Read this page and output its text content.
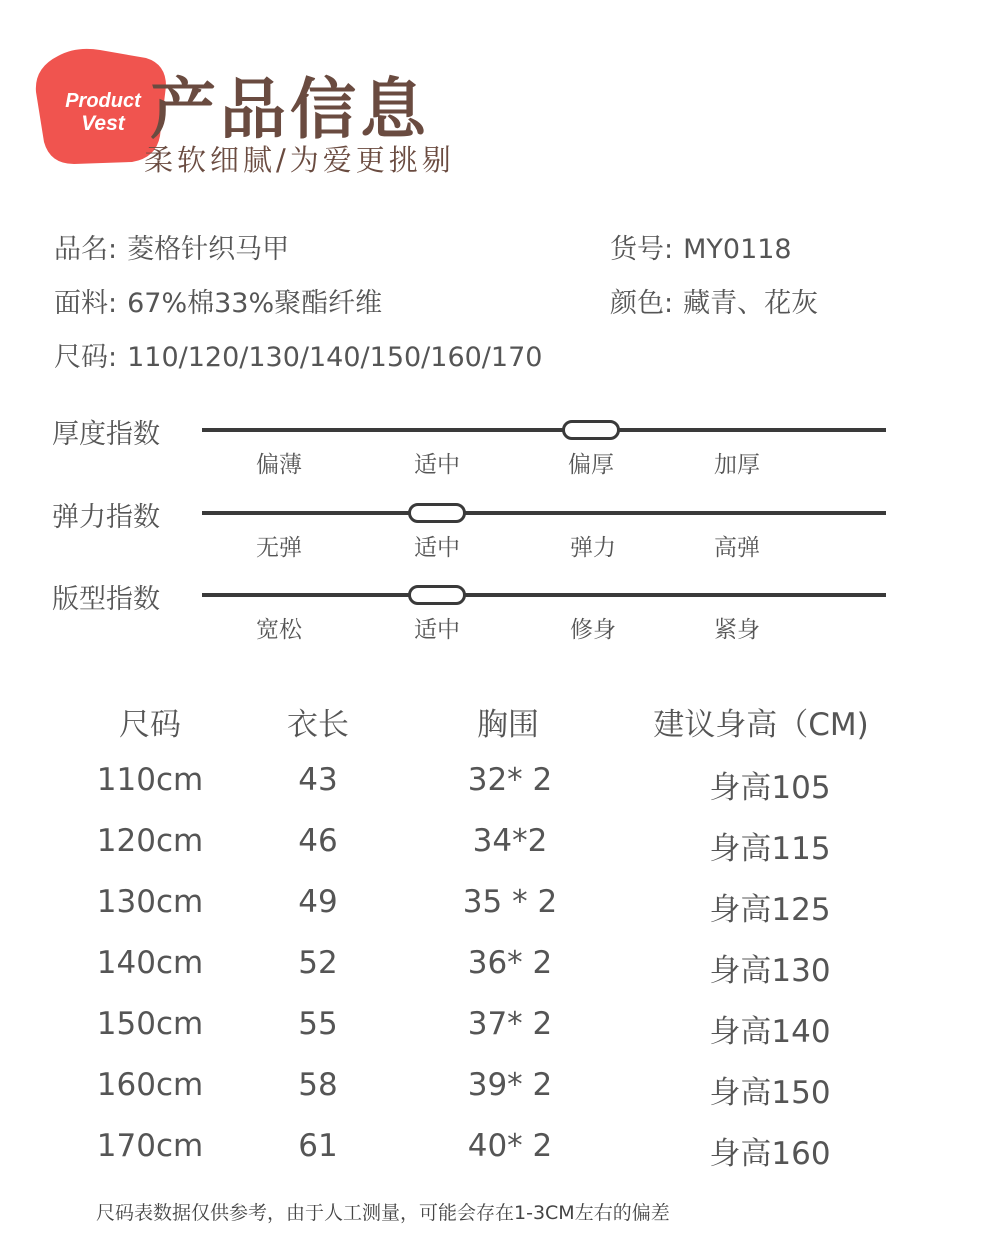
Product
Vest 产品信息
柔软细腻/为爱更挑剔
品名: 菱格针织马甲	货号: MY0118
面料: 67%棉33%聚酯纤维	颜色: 藏青、花灰
尺码: 110/120/130/140/150/160/170
厚度指数
偏薄	适中	偏厚	加厚
弹力指数
无弹	适中	弹力	高弹
版型指数
宽松	适中	修身	紧身
尺码	衣长	胸围	建议身高（CM)
110cm	43	32* 2	身高105
120cm	46	34*2	身高115
130cm	49	35 * 2	身高125
140cm	52	36* 2	身高130
150cm	55	37* 2	身高140
160cm	58	39* 2	身高150
170cm	61	40* 2	身高160
尺码表数据仅供参考，由于人工测量，可能会存在1-3CM左右的偏差
